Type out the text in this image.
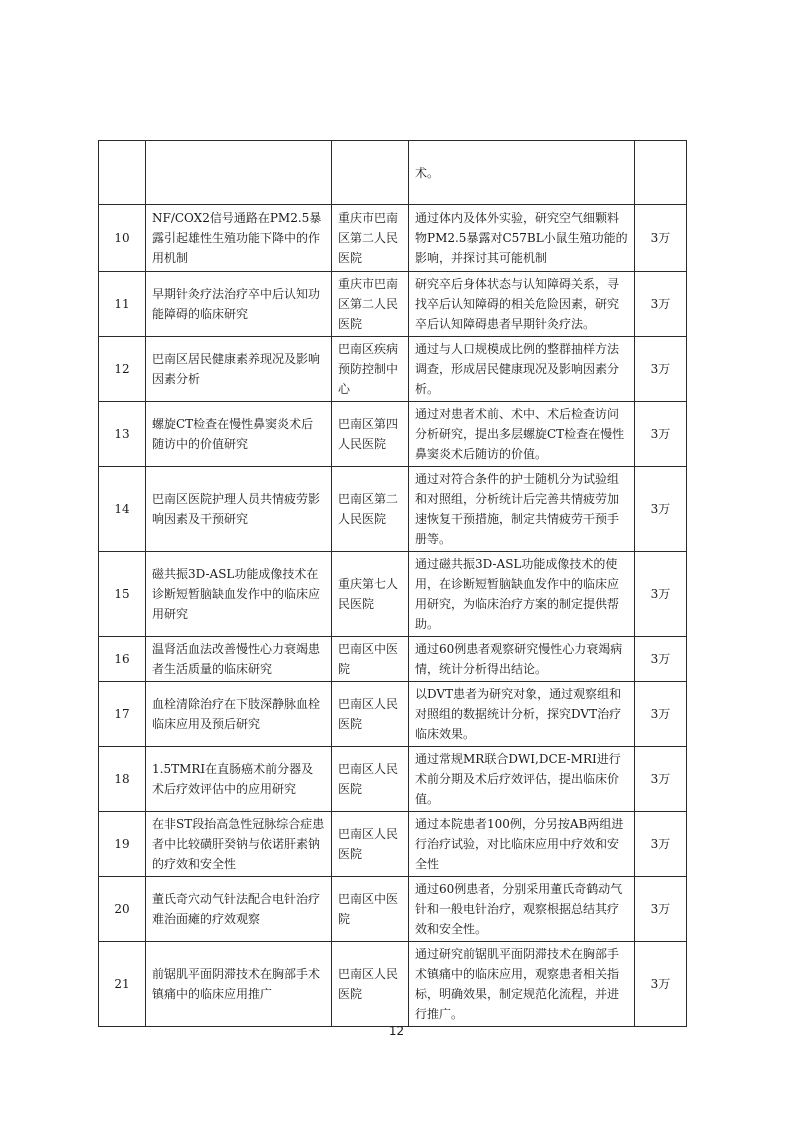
			术。	
10	NF/COX2信号通路在PM2.5暴露引起雄性生殖功能下降中的作用机制	重庆市巴南区第二人民医院	通过体内及体外实验，研究空气细颗料物PM2.5暴露对C57BL小鼠生殖功能的影响，并探讨其可能机制	3万
11	早期针灸疗法治疗卒中后认知功能障碍的临床研究	重庆市巴南区第二人民医院	研究卒后身体状态与认知障碍关系，寻找卒后认知障碍的相关危险因素，研究卒后认知障碍患者早期针灸疗法。	3万
12	巴南区居民健康素养现况及影响因素分析	巴南区疾病预防控制中心	通过与人口规模成比例的整群抽样方法调查，形成居民健康现况及影响因素分析。	3万
13	螺旋CT检查在慢性鼻窦炎术后随访中的价值研究	巴南区第四人民医院	通过对患者术前、术中、术后检查访问分析研究，提出多层螺旋CT检查在慢性鼻窦炎术后随访的价值。	3万
14	巴南区医院护理人员共情疲劳影响因素及干预研究	巴南区第二人民医院	通过对符合条件的护士随机分为试验组和对照组，分析统计后完善共情疲劳加速恢复干预措施，制定共情疲劳干预手册等。	3万
15	磁共振3D-ASL功能成像技术在诊断短暂脑缺血发作中的临床应用研究	重庆第七人民医院	通过磁共振3D-ASL功能成像技术的使用，在诊断短暂脑缺血发作中的临床应用研究，为临床治疗方案的制定提供帮助。	3万
16	温肾活血法改善慢性心力衰竭患者生活质量的临床研究	巴南区中医院	通过60例患者观察研究慢性心力衰竭病情，统计分析得出结论。	3万
17	血栓清除治疗在下肢深静脉血栓临床应用及预后研究	巴南区人民医院	以DVT患者为研究对象，通过观察组和对照组的数据统计分析，探究DVT治疗临床效果。	3万
18	1.5TMRI在直肠癌术前分器及术后疗效评估中的应用研究	巴南区人民医院	通过常规MR联合DWI,DCE-MRI进行术前分期及术后疗效评估，提出临床价值。	3万
19	在非ST段抬高急性冠脉综合症患者中比较磺肝癸钠与依诺肝素钠的疗效和安全性	巴南区人民医院	通过本院患者100例，分另按AB两组进行治疗试验，对比临床应用中疗效和安全性	3万
20	董氏奇穴动气针法配合电针治疗难治面瘫的疗效观察	巴南区中医院	通过60例患者，分别采用董氏奇鹤动气针和一般电针治疗，观察根据总结其疗效和安全性。	3万
21	前锯肌平面阴滞技术在胸部手术镇痛中的临床应用推广	巴南区人民医院	通过研究前锯肌平面阴滞技术在胸部手术镇痛中的临床应用，观察患者相关指标，明确效果，制定规范化流程，并进行推广。	3万
12
